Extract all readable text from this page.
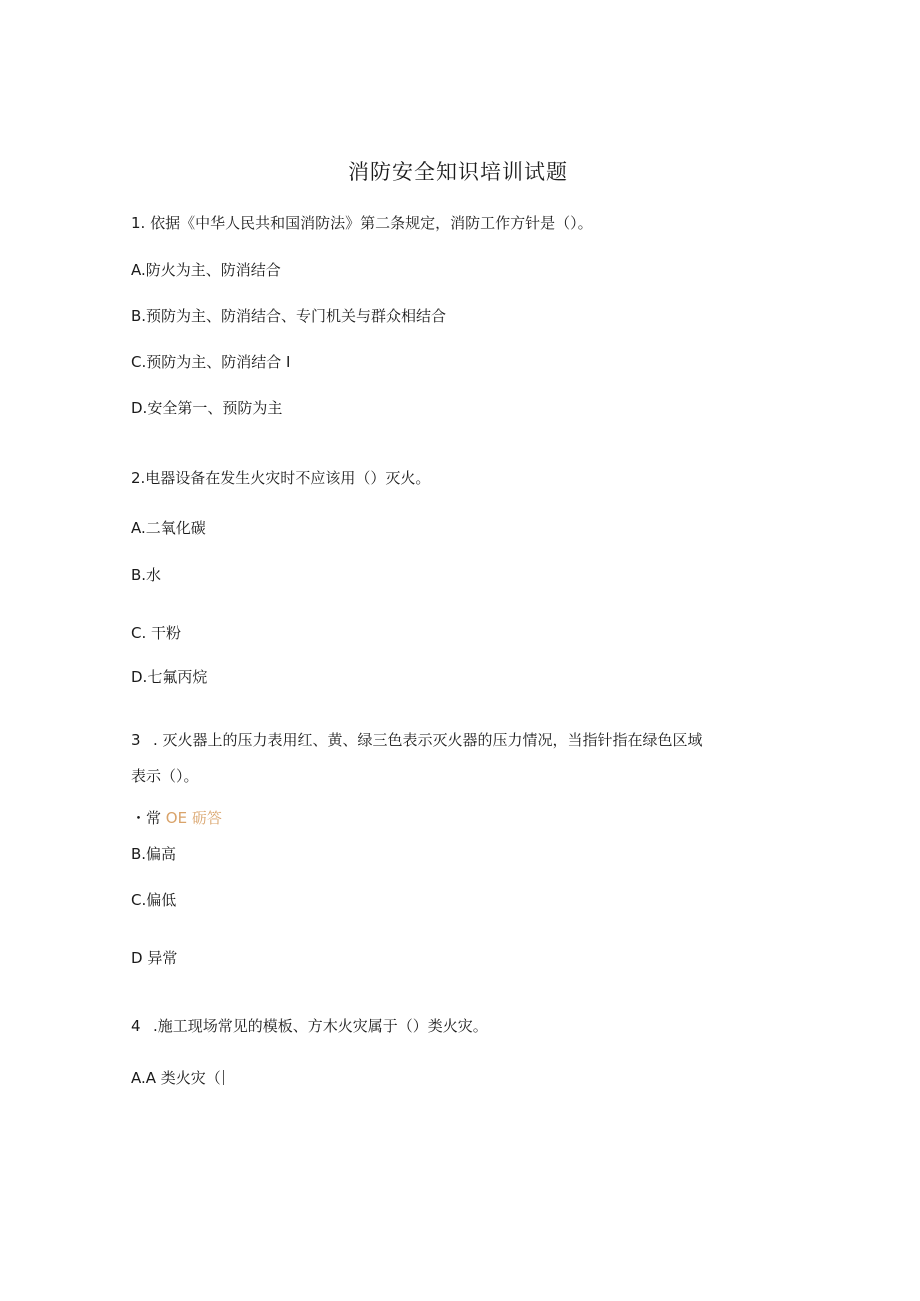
消防安全知识培训试题
1. 依据《中华人民共和国消防法》第二条规定，消防工作方针是（）。
A.防火为主、防消结合
B.预防为主、防消结合、专门机关与群众相结合
C.预防为主、防消结合 I
D.安全第一、预防为主
2.电器设备在发生火灾时不应该用（）灭火。
A.二氧化碳
B.水
C. 干粉
D.七氟丙烷
3 . 灭火器上的压力表用红、黄、绿三色表示灭火器的压力情况，当指针指在绿色区域
表示（）。
・常 OE 砺答
B.偏高
C.偏低
D 异常
4 .施工现场常见的模板、方木火灾属于（）类火灾。
A.A 类火灾（
